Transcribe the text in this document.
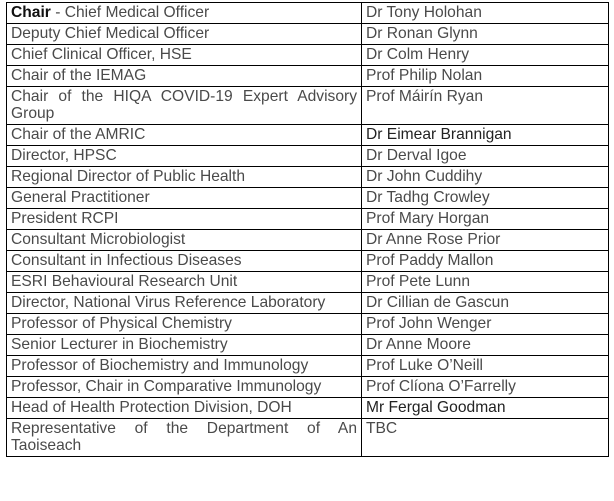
Chair - Chief Medical Officer	Dr Tony Holohan
Deputy Chief Medical Officer	Dr Ronan Glynn
Chief Clinical Officer, HSE	Dr Colm Henry
Chair of the IEMAG	Prof Philip Nolan
Chair of the HIQA COVID-19 Expert Advisory Group	Prof Máirín Ryan
Chair of the AMRIC	Dr Eimear Brannigan
Director, HPSC	Dr Derval Igoe
Regional Director of Public Health	Dr John Cuddihy
General Practitioner	Dr Tadhg Crowley
President RCPI	Prof Mary Horgan
Consultant Microbiologist	Dr Anne Rose Prior
Consultant in Infectious Diseases	Prof Paddy Mallon
ESRI Behavioural Research Unit	Prof Pete Lunn
Director, National Virus Reference Laboratory	Dr Cillian de Gascun
Professor of Physical Chemistry	Prof John Wenger
Senior Lecturer in Biochemistry	Dr Anne Moore
Professor of Biochemistry and Immunology	Prof Luke O’Neill
Professor, Chair in Comparative Immunology	Prof Clíona O’Farrelly
Head of Health Protection Division, DOH	Mr Fergal Goodman
Representative of the Department of An Taoiseach	TBC
